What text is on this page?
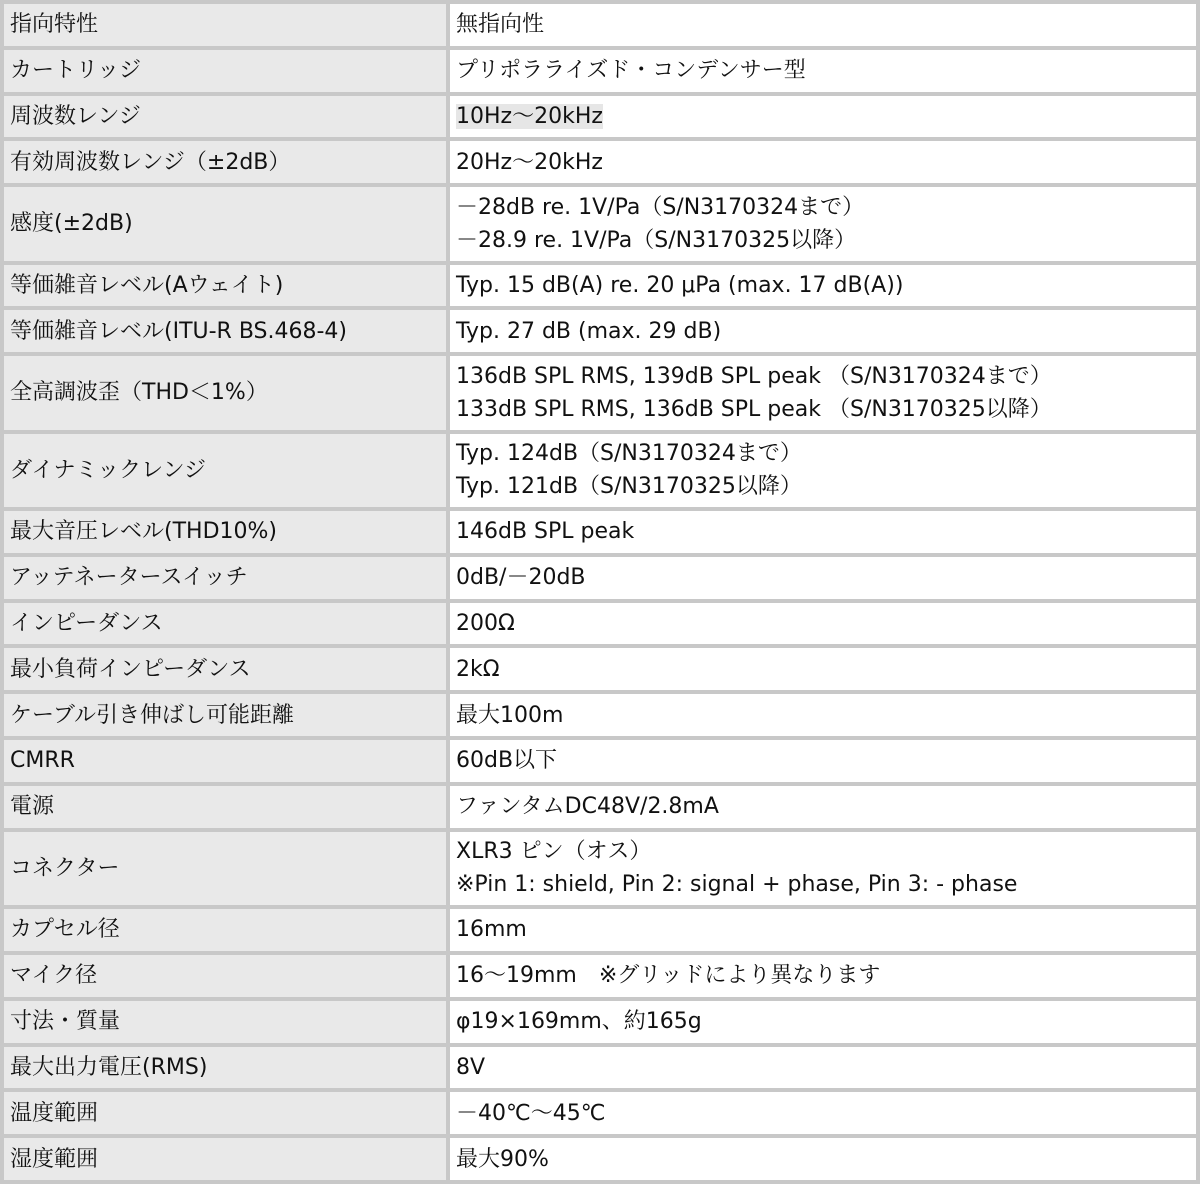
指向特性	無指向性

カートリッジ	プリポラライズド・コンデンサー型

周波数レンジ	10Hz～20kHz

有効周波数レンジ（±2dB）	20Hz～20kHz

感度(±2dB)	－28dB re. 1V/Pa（S/N3170324まで）
－28.9 re. 1V/Pa（S/N3170325以降）

等価雑音レベル(Aウェイト)	Typ. 15 dB(A) re. 20 μPa (max. 17 dB(A))

等価雑音レベル(ITU-R BS.468-4)	Typ. 27 dB (max. 29 dB)

全高調波歪（THD＜1%）	136dB SPL RMS, 139dB SPL peak （S/N3170324まで）
133dB SPL RMS, 136dB SPL peak （S/N3170325以降）

ダイナミックレンジ	Typ. 124dB（S/N3170324まで）
Typ. 121dB（S/N3170325以降）

最大音圧レベル(THD10%)	146dB SPL peak

アッテネータースイッチ	0dB/－20dB

インピーダンス	200Ω

最小負荷インピーダンス	2kΩ

ケーブル引き伸ばし可能距離	最大100m

CMRR	60dB以下

電源	ファンタムDC48V/2.8mA

コネクター	XLR3 ピン（オス）
※Pin 1: shield, Pin 2: signal + phase, Pin 3: - phase

カプセル径	16mm

マイク径	16～19mm　※グリッドにより異なります

寸法・質量	φ19×169mm、約165g

最大出力電圧(RMS)	8V

温度範囲	－40℃～45℃

湿度範囲	最大90%
